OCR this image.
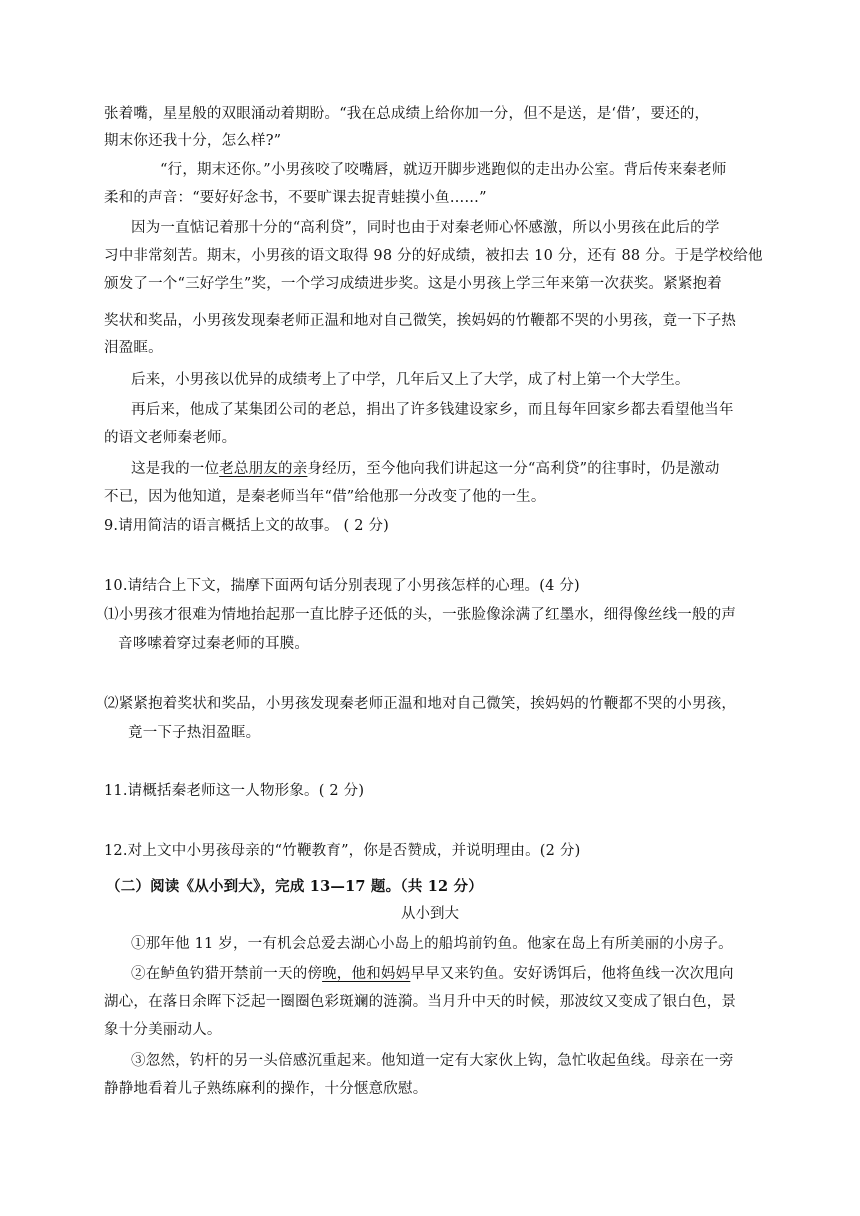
张着嘴，星星般的双眼涌动着期盼。“我在总成绩上给你加一分，但不是送，是‘借’，要还的，
期末你还我十分，怎么样?”
“行，期末还你。”小男孩咬了咬嘴唇，就迈开脚步逃跑似的走出办公室。背后传来秦老师
柔和的声音：“要好好念书，不要旷课去捉青蛙摸小鱼……”
因为一直惦记着那十分的“高利贷”，同时也由于对秦老师心怀感激，所以小男孩在此后的学
习中非常刻苦。期末，小男孩的语文取得 98 分的好成绩，被扣去 10 分，还有 88 分。于是学校给他
颁发了一个“三好学生”奖，一个学习成绩进步奖。这是小男孩上学三年来第一次获奖。紧紧抱着
奖状和奖品，小男孩发现秦老师正温和地对自己微笑，挨妈妈的竹鞭都不哭的小男孩，竟一下子热
泪盈眶。
后来，小男孩以优异的成绩考上了中学，几年后又上了大学，成了村上第一个大学生。
再后来，他成了某集团公司的老总，捐出了许多钱建设家乡，而且每年回家乡都去看望他当年
的语文老师秦老师。
这是我的一位老总朋友的亲身经历，至今他向我们讲起这一分“高利贷”的往事时，仍是激动
不已，因为他知道，是秦老师当年“借”给他那一分改变了他的一生。
9.请用简洁的语言概括上文的故事。 ( 2 分)
10.请结合上下文，揣摩下面两句话分别表现了小男孩怎样的心理。(4 分)
⑴小男孩才很难为情地抬起那一直比脖子还低的头，一张脸像涂满了红墨水，细得像丝线一般的声
音哆嗦着穿过秦老师的耳膜。
⑵紧紧抱着奖状和奖品，小男孩发现秦老师正温和地对自己微笑，挨妈妈的竹鞭都不哭的小男孩，
竟一下子热泪盈眶。
11.请概括秦老师这一人物形象。( 2 分)
12.对上文中小男孩母亲的“竹鞭教育”，你是否赞成，并说明理由。(2 分)
（二）阅读《从小到大》，完成 13—17 题。（共 12 分）
从小到大
①那年他 11 岁，一有机会总爱去湖心小岛上的船坞前钓鱼。他家在岛上有所美丽的小房子。
②在鲈鱼钓猎开禁前一天的傍晚，他和妈妈早早又来钓鱼。安好诱饵后，他将鱼线一次次甩向
湖心，在落日余晖下泛起一圈圈色彩斑斓的涟漪。当月升中天的时候，那波纹又变成了银白色，景
象十分美丽动人。
③忽然，钓杆的另一头倍感沉重起来。他知道一定有大家伙上钩，急忙收起鱼线。母亲在一旁
静静地看着儿子熟练麻利的操作，十分惬意欣慰。
